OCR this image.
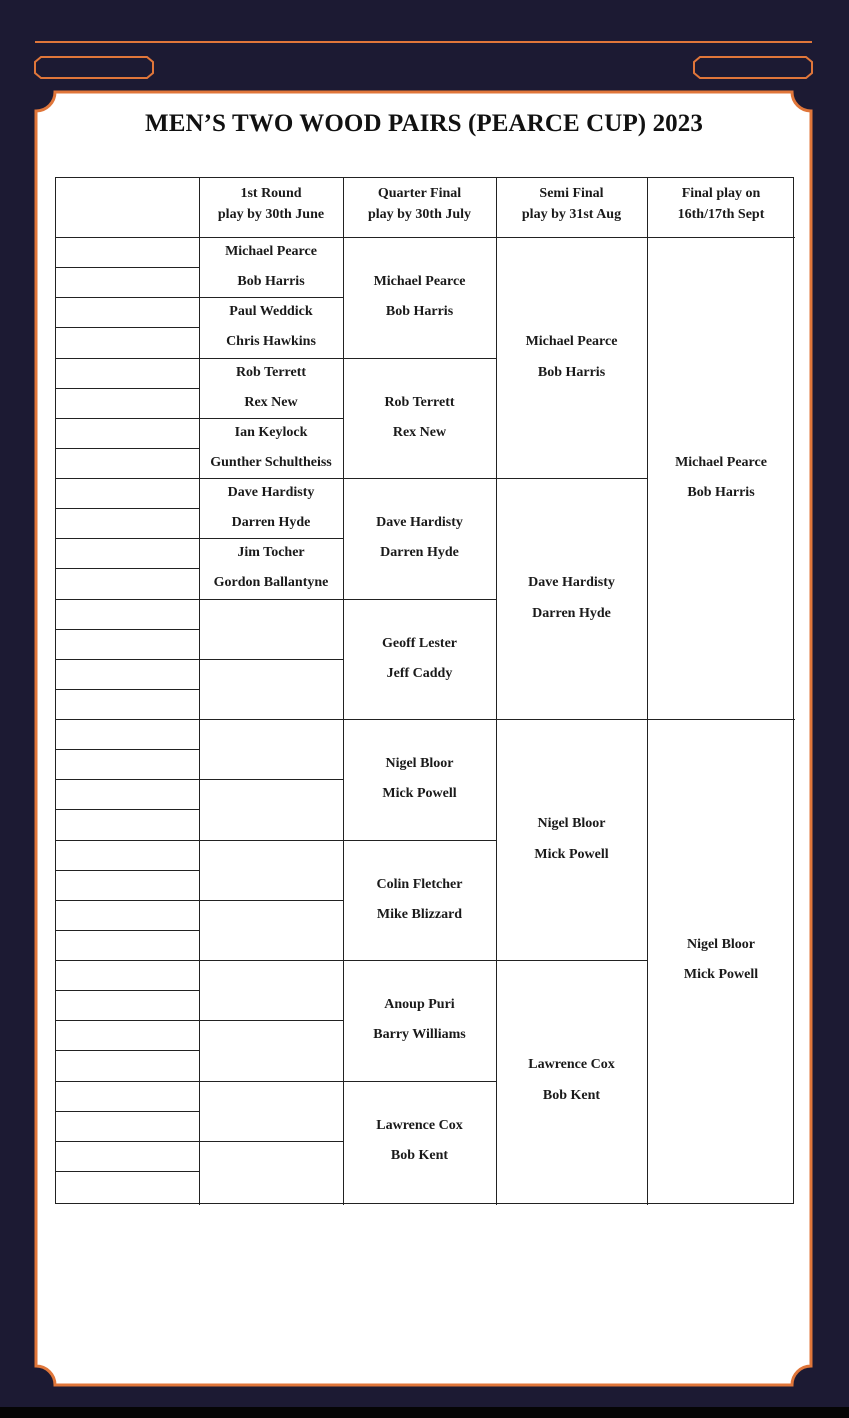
MEN’S TWO WOOD PAIRS (PEARCE CUP) 2023
1st Round
play by 30th June
Quarter Final
play by 30th July
Semi Final
play by 31st Aug
Final play on
16th/17th Sept
Michael Pearce
Bob Harris
Paul Weddick
Chris Hawkins
Rob Terrett
Rex New
Ian Keylock
Gunther Schultheiss
Dave Hardisty
Darren Hyde
Jim Tocher
Gordon Ballantyne
Michael Pearce
Bob Harris
Rob Terrett
Rex New
Dave Hardisty
Darren Hyde
Geoff Lester
Jeff Caddy
Nigel Bloor
Mick Powell
Colin Fletcher
Mike Blizzard
Anoup Puri
Barry Williams
Lawrence Cox
Bob Kent
Michael Pearce
Bob Harris
Dave Hardisty
Darren Hyde
Nigel Bloor
Mick Powell
Lawrence Cox
Bob Kent
Michael Pearce
Bob Harris
Nigel Bloor
Mick Powell
